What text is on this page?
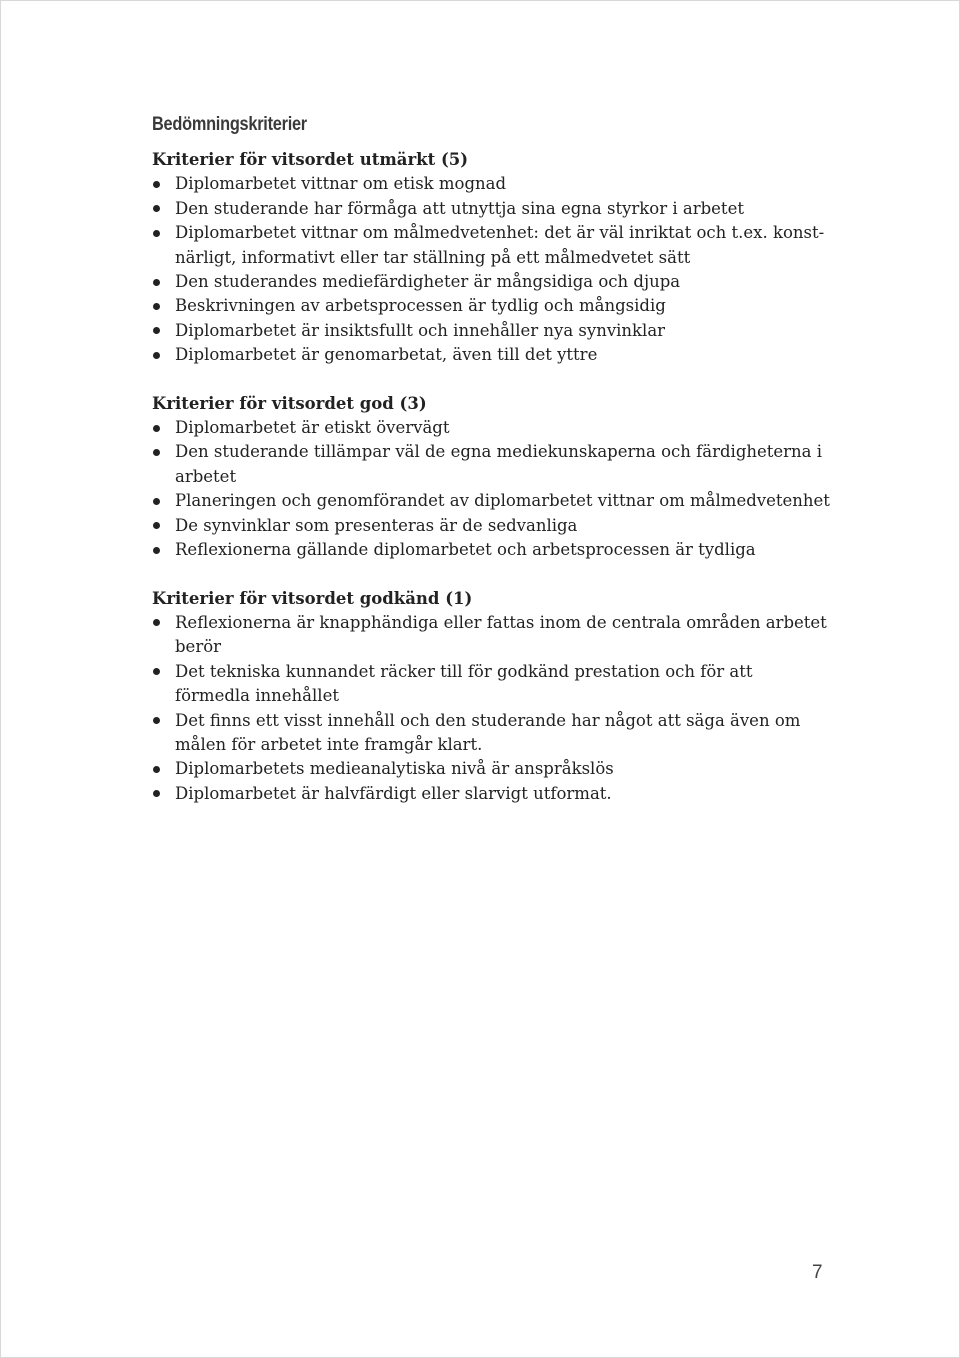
Bedömningskriterier
Kriterier för vitsordet utmärkt (5)
Diplomarbetet vittnar om etisk mognad
Den studerande har förmåga att utnyttja sina egna styrkor i arbetet
Diplomarbetet vittnar om målmedvetenhet: det är väl inriktat och t.ex. konst-
närligt, informativt eller tar ställning på ett målmedvetet sätt
Den studerandes mediefärdigheter är mångsidiga och djupa
Beskrivningen av arbetsprocessen är tydlig och mångsidig
Diplomarbetet är insiktsfullt och innehåller nya synvinklar
Diplomarbetet är genomarbetat, även till det yttre
Kriterier för vitsordet god (3)
Diplomarbetet är etiskt övervägt
Den studerande tillämpar väl de egna mediekunskaperna och färdigheterna i
arbetet
Planeringen och genomförandet av diplomarbetet vittnar om målmedvetenhet
De synvinklar som presenteras är de sedvanliga
Reflexionerna gällande diplomarbetet och arbetsprocessen är tydliga
Kriterier för vitsordet godkänd (1)
Reflexionerna är knapphändiga eller fattas inom de centrala områden arbetet
berör
Det tekniska kunnandet räcker till för godkänd prestation och för att
förmedla innehållet
Det finns ett visst innehåll och den studerande har något att säga även om
målen för arbetet inte framgår klart.
Diplomarbetets medieanalytiska nivå är anspråkslös
Diplomarbetet är halvfärdigt eller slarvigt utformat.
7
